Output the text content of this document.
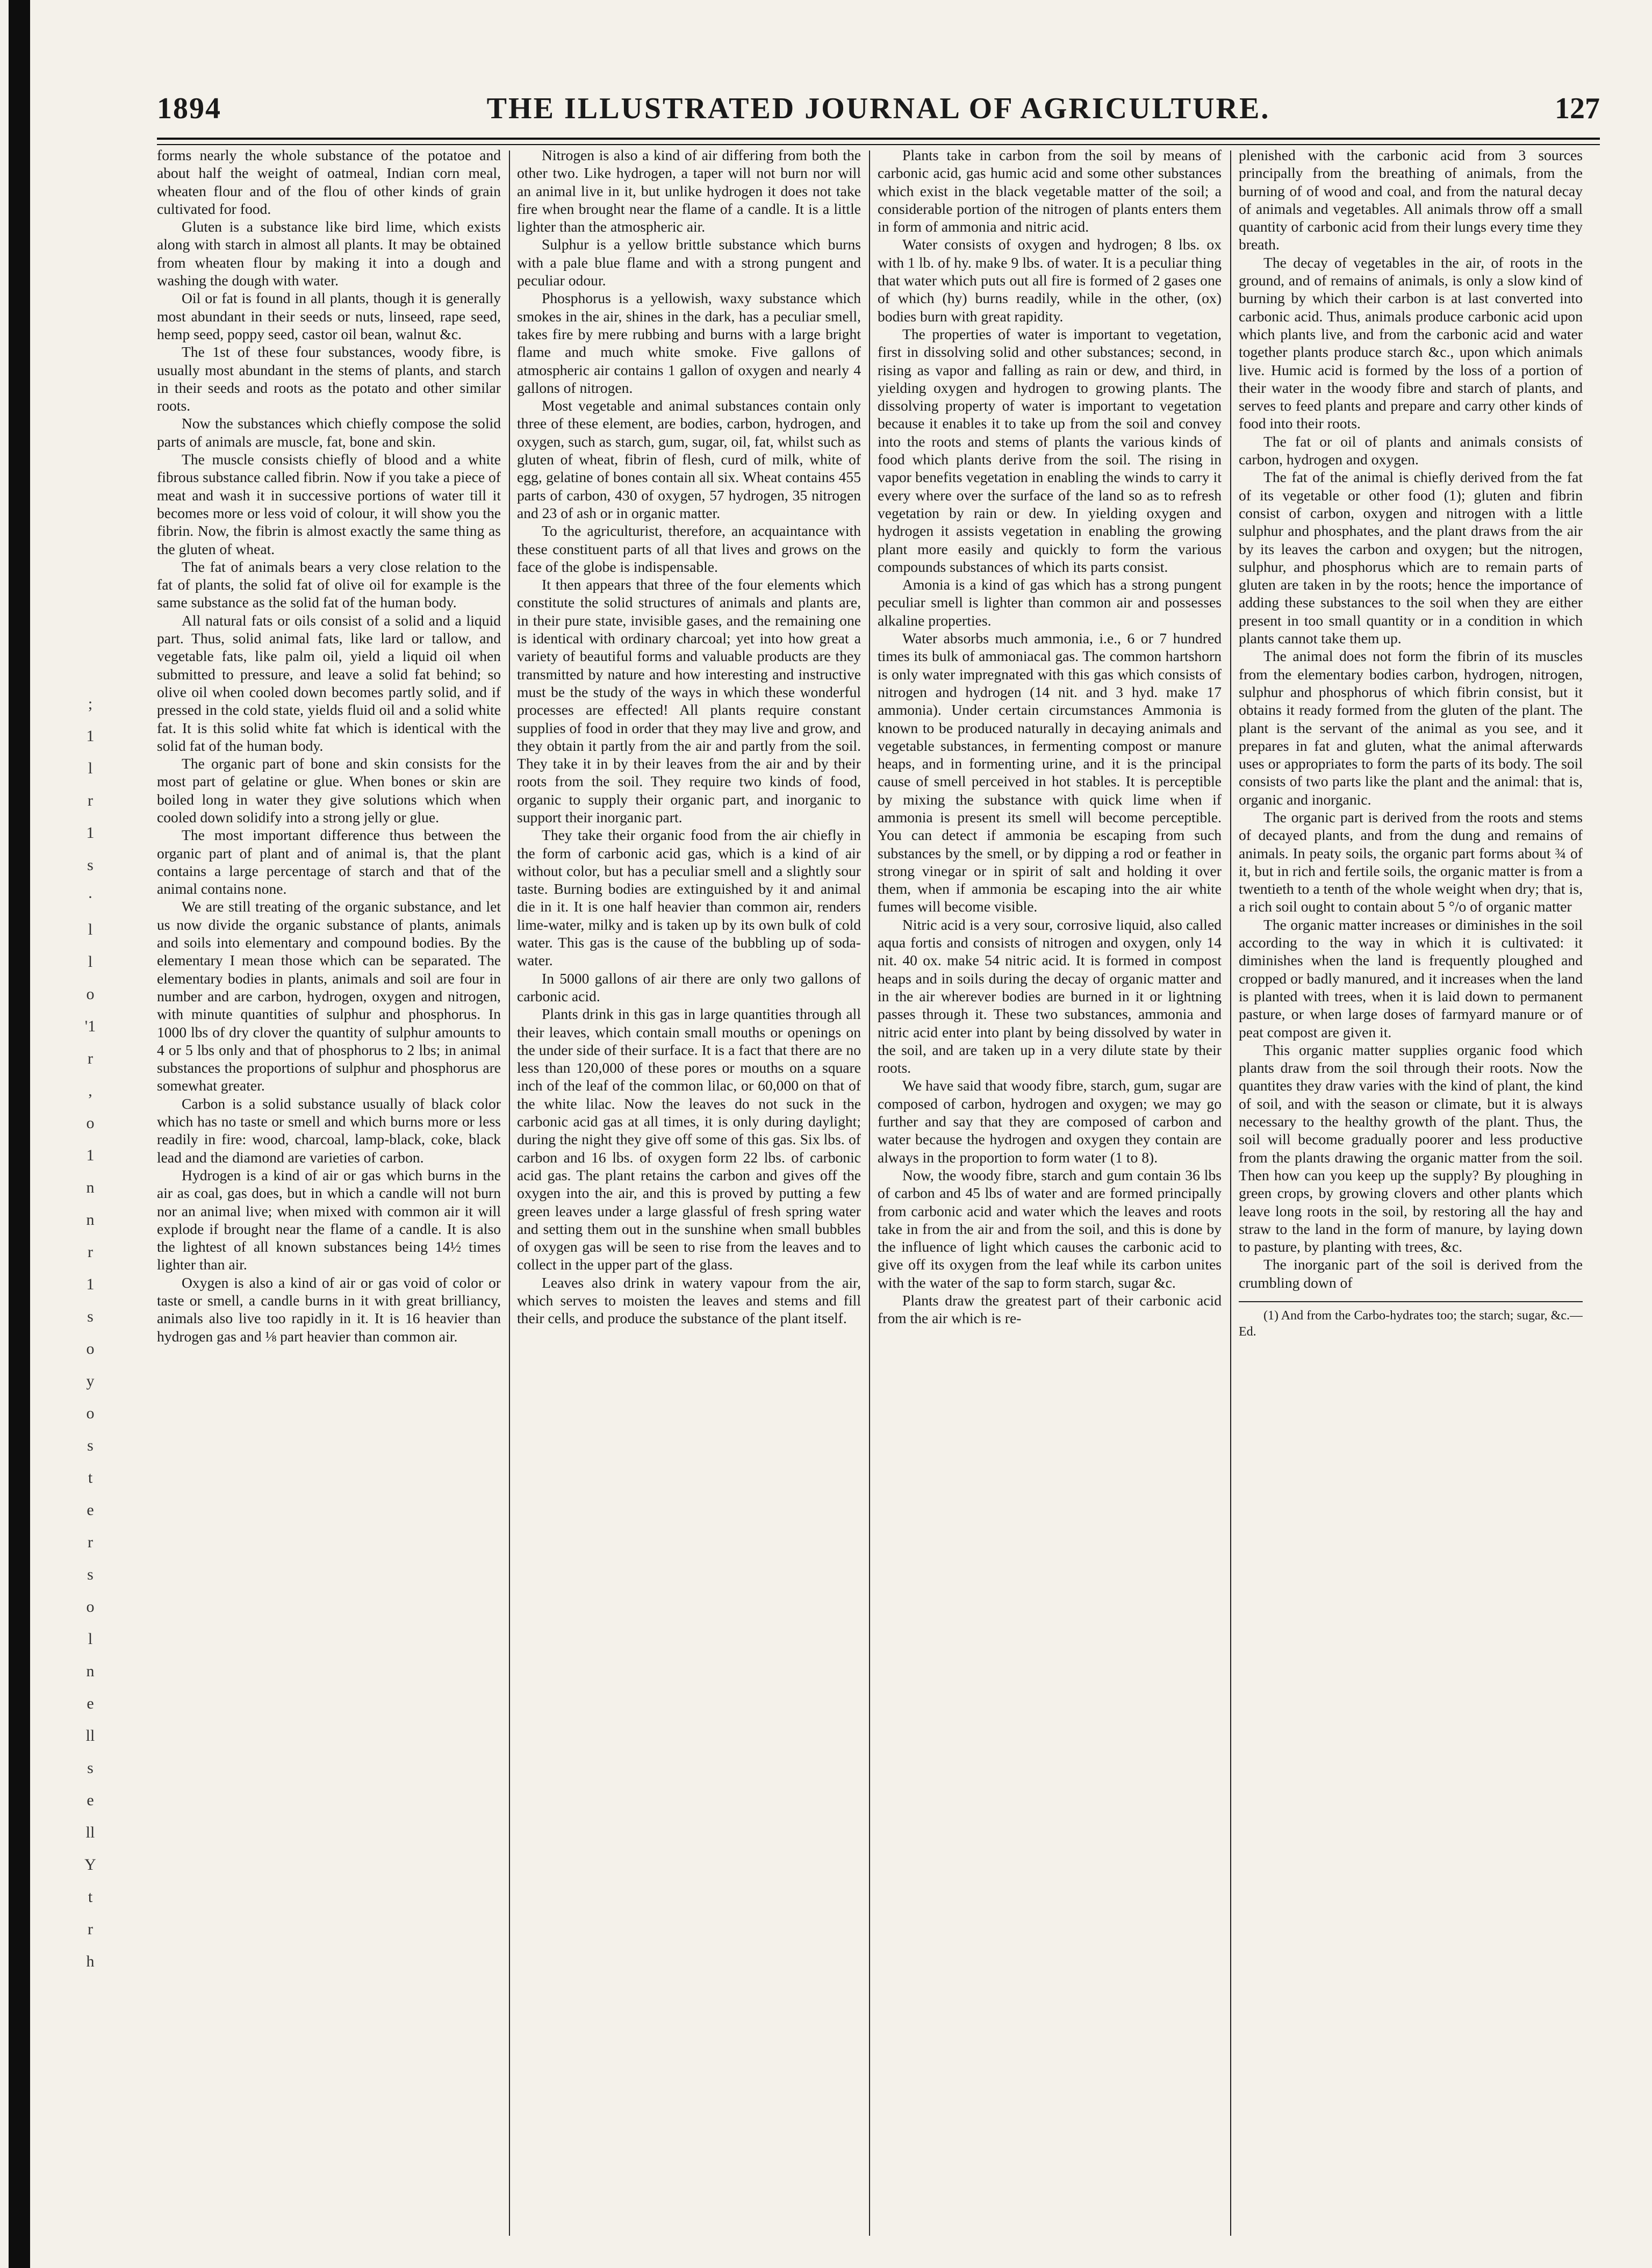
;
1
l
r
1
s
·
l
l
o
'1
r
,
o
1
n
n
r
1
s
o
y
o
s
t
e
r
s
o
l
n
e
ll
s
e
ll
Y
t
r
h
1894	THE ILLUSTRATED JOURNAL OF AGRICULTURE.	127

forms nearly the whole substance of the potatoe and about half the weight of oatmeal, Indian corn meal, wheaten flour and of the flou of other kinds of grain cultivated for food.

Gluten is a substance like bird lime, which exists along with starch in almost all plants. It may be obtained from wheaten flour by making it into a dough and washing the dough with water.

Oil or fat is found in all plants, though it is generally most abundant in their seeds or nuts, linseed, rape seed, hemp seed, poppy seed, castor oil bean, walnut &c.

The 1st of these four substances, woody fibre, is usually most abundant in the stems of plants, and starch in their seeds and roots as the potato and other similar roots.

Now the substances which chiefly compose the solid parts of animals are muscle, fat, bone and skin.

The muscle consists chiefly of blood and a white fibrous substance called fibrin. Now if you take a piece of meat and wash it in successive portions of water till it becomes more or less void of colour, it will show you the fibrin. Now, the fibrin is almost exactly the same thing as the gluten of wheat.

The fat of animals bears a very close relation to the fat of plants, the solid fat of olive oil for example is the same substance as the solid fat of the human body.

All natural fats or oils consist of a solid and a liquid part. Thus, solid animal fats, like lard or tallow, and vegetable fats, like palm oil, yield a liquid oil when submitted to pressure, and leave a solid fat behind; so olive oil when cooled down becomes partly solid, and if pressed in the cold state, yields fluid oil and a solid white fat. It is this solid white fat which is identical with the solid fat of the human body.

The organic part of bone and skin consists for the most part of gelatine or glue. When bones or skin are boiled long in water they give solutions which when cooled down solidify into a strong jelly or glue.

The most important difference thus between the organic part of plant and of animal is, that the plant contains a large percentage of starch and that of the animal contains none.

We are still treating of the organic substance, and let us now divide the organic substance of plants, animals and soils into elementary and compound bodies. By the elementary I mean those which can be separated. The elementary bodies in plants, animals and soil are four in number and are carbon, hydrogen, oxygen and nitrogen, with minute quantities of sulphur and phosphorus. In 1000 lbs of dry clover the quantity of sulphur amounts to 4 or 5 lbs only and that of phosphorus to 2 lbs; in animal substances the proportions of sulphur and phosphorus are somewhat greater.

Carbon is a solid substance usually of black color which has no taste or smell and which burns more or less readily in fire: wood, charcoal, lamp-black, coke, black lead and the diamond are varieties of carbon.

Hydrogen is a kind of air or gas which burns in the air as coal, gas does, but in which a candle will not burn nor an animal live; when mixed with common air it will explode if brought near the flame of a candle. It is also the lightest of all known substances being 14½ times lighter than air.

Oxygen is also a kind of air or gas void of color or taste or smell, a candle burns in it with great brilliancy, animals also live too rapidly in it. It is 16 heavier than hydrogen gas and ⅛ part heavier than common air.

Nitrogen is also a kind of air differing from both the other two. Like hydrogen, a taper will not burn nor will an animal live in it, but unlike hydrogen it does not take fire when brought near the flame of a candle. It is a little lighter than the atmospheric air.

Sulphur is a yellow brittle substance which burns with a pale blue flame and with a strong pungent and peculiar odour.

Phosphorus is a yellowish, waxy substance which smokes in the air, shines in the dark, has a peculiar smell, takes fire by mere rubbing and burns with a large bright flame and much white smoke. Five gallons of atmospheric air contains 1 gallon of oxygen and nearly 4 gallons of nitrogen.

Most vegetable and animal substances contain only three of these element, are bodies, carbon, hydrogen, and oxygen, such as starch, gum, sugar, oil, fat, whilst such as gluten of wheat, fibrin of flesh, curd of milk, white of egg, gelatine of bones contain all six. Wheat contains 455 parts of carbon, 430 of oxygen, 57 hydrogen, 35 nitrogen and 23 of ash or in organic matter.

To the agriculturist, therefore, an acquaintance with these constituent parts of all that lives and grows on the face of the globe is indispensable.

It then appears that three of the four elements which constitute the solid structures of animals and plants are, in their pure state, invisible gases, and the remaining one is identical with ordinary charcoal; yet into how great a variety of beautiful forms and valuable products are they transmitted by nature and how interesting and instructive must be the study of the ways in which these wonderful processes are effected! All plants require constant supplies of food in order that they may live and grow, and they obtain it partly from the air and partly from the soil. They take it in by their leaves from the air and by their roots from the soil. They require two kinds of food, organic to supply their organic part, and inorganic to support their inorganic part.

They take their organic food from the air chiefly in the form of carbonic acid gas, which is a kind of air without color, but has a peculiar smell and a slightly sour taste. Burning bodies are extinguished by it and animal die in it. It is one half heavier than common air, renders lime-water, milky and is taken up by its own bulk of cold water. This gas is the cause of the bubbling up of soda-water.

In 5000 gallons of air there are only two gallons of carbonic acid.

Plants drink in this gas in large quantities through all their leaves, which contain small mouths or openings on the under side of their surface. It is a fact that there are no less than 120,000 of these pores or mouths on a square inch of the leaf of the common lilac, or 60,000 on that of the white lilac. Now the leaves do not suck in the carbonic acid gas at all times, it is only during daylight; during the night they give off some of this gas. Six lbs. of carbon and 16 lbs. of oxygen form 22 lbs. of carbonic acid gas. The plant retains the carbon and gives off the oxygen into the air, and this is proved by putting a few green leaves under a large glassful of fresh spring water and setting them out in the sunshine when small bubbles of oxygen gas will be seen to rise from the leaves and to collect in the upper part of the glass.

Leaves also drink in watery vapour from the air, which serves to moisten the leaves and stems and fill their cells, and produce the substance of the plant itself.

Plants take in carbon from the soil by means of carbonic acid, gas humic acid and some other substances which exist in the black vegetable matter of the soil; a considerable portion of the nitrogen of plants enters them in form of ammonia and nitric acid.

Water consists of oxygen and hydrogen; 8 lbs. ox with 1 lb. of hy. make 9 lbs. of water. It is a peculiar thing that water which puts out all fire is formed of 2 gases one of which (hy) burns readily, while in the other, (ox) bodies burn with great rapidity.

The properties of water is important to vegetation, first in dissolving solid and other substances; second, in rising as vapor and falling as rain or dew, and third, in yielding oxygen and hydrogen to growing plants. The dissolving property of water is important to vegetation because it enables it to take up from the soil and convey into the roots and stems of plants the various kinds of food which plants derive from the soil. The rising in vapor benefits vegetation in enabling the winds to carry it every where over the surface of the land so as to refresh vegetation by rain or dew. In yielding oxygen and hydrogen it assists vegetation in enabling the growing plant more easily and quickly to form the various compounds substances of which its parts consist.

Amonia is a kind of gas which has a strong pungent peculiar smell is lighter than common air and possesses alkaline properties.

Water absorbs much ammonia, i.e., 6 or 7 hundred times its bulk of ammoniacal gas. The common hartshorn is only water impregnated with this gas which consists of nitrogen and hydrogen (14 nit. and 3 hyd. make 17 ammonia). Under certain circumstances Ammonia is known to be produced naturally in decaying animals and vegetable substances, in fermenting compost or manure heaps, and in formenting urine, and it is the principal cause of smell perceived in hot stables. It is perceptible by mixing the substance with quick lime when if ammonia is present its smell will become perceptible. You can detect if ammonia be escaping from such substances by the smell, or by dipping a rod or feather in strong vinegar or in spirit of salt and holding it over them, when if ammonia be escaping into the air white fumes will become visible.

Nitric acid is a very sour, corrosive liquid, also called aqua fortis and consists of nitrogen and oxygen, only 14 nit. 40 ox. make 54 nitric acid. It is formed in compost heaps and in soils during the decay of organic matter and in the air wherever bodies are burned in it or lightning passes through it. These two substances, ammonia and nitric acid enter into plant by being dissolved by water in the soil, and are taken up in a very dilute state by their roots.

We have said that woody fibre, starch, gum, sugar are composed of carbon, hydrogen and oxygen; we may go further and say that they are composed of carbon and water because the hydrogen and oxygen they contain are always in the proportion to form water (1 to 8).

Now, the woody fibre, starch and gum contain 36 lbs of carbon and 45 lbs of water and are formed principally from carbonic acid and water which the leaves and roots take in from the air and from the soil, and this is done by the influence of light which causes the carbonic acid to give off its oxygen from the leaf while its carbon unites with the water of the sap to form starch, sugar &c.

Plants draw the greatest part of their carbonic acid from the air which is re-

plenished with the carbonic acid from 3 sources principally from the breathing of animals, from the burning of of wood and coal, and from the natural decay of animals and vegetables. All animals throw off a small quantity of carbonic acid from their lungs every time they breath.

The decay of vegetables in the air, of roots in the ground, and of remains of animals, is only a slow kind of burning by which their carbon is at last converted into carbonic acid. Thus, animals produce carbonic acid upon which plants live, and from the carbonic acid and water together plants produce starch &c., upon which animals live. Humic acid is formed by the loss of a portion of their water in the woody fibre and starch of plants, and serves to feed plants and prepare and carry other kinds of food into their roots.

The fat or oil of plants and animals consists of carbon, hydrogen and oxygen.

The fat of the animal is chiefly derived from the fat of its vegetable or other food (1); gluten and fibrin consist of carbon, oxygen and nitrogen with a little sulphur and phosphates, and the plant draws from the air by its leaves the carbon and oxygen; but the nitrogen, sulphur, and phosphorus which are to remain parts of gluten are taken in by the roots; hence the importance of adding these substances to the soil when they are either present in too small quantity or in a condition in which plants cannot take them up.

The animal does not form the fibrin of its muscles from the elementary bodies carbon, hydrogen, nitrogen, sulphur and phosphorus of which fibrin consist, but it obtains it ready formed from the gluten of the plant. The plant is the servant of the animal as you see, and it prepares in fat and gluten, what the animal afterwards uses or appropriates to form the parts of its body. The soil consists of two parts like the plant and the animal: that is, organic and inorganic.

The organic part is derived from the roots and stems of decayed plants, and from the dung and remains of animals. In peaty soils, the organic part forms about ¾ of it, but in rich and fertile soils, the organic matter is from a twentieth to a tenth of the whole weight when dry; that is, a rich soil ought to contain about 5 °/o of organic matter

The organic matter increases or diminishes in the soil according to the way in which it is cultivated: it diminishes when the land is frequently ploughed and cropped or badly manured, and it increases when the land is planted with trees, when it is laid down to permanent pasture, or when large doses of farmyard manure or of peat compost are given it.

This organic matter supplies organic food which plants draw from the soil through their roots. Now the quantites they draw varies with the kind of plant, the kind of soil, and with the season or climate, but it is always necessary to the healthy growth of the plant. Thus, the soil will become gradually poorer and less productive from the plants drawing the organic matter from the soil. Then how can you keep up the supply? By ploughing in green crops, by growing clovers and other plants which leave long roots in the soil, by restoring all the hay and straw to the land in the form of manure, by laying down to pasture, by planting with trees, &c.

The inorganic part of the soil is derived from the crumbling down of

(1) And from the Carbo-hydrates too; the starch; sugar, &c.—Ed.
